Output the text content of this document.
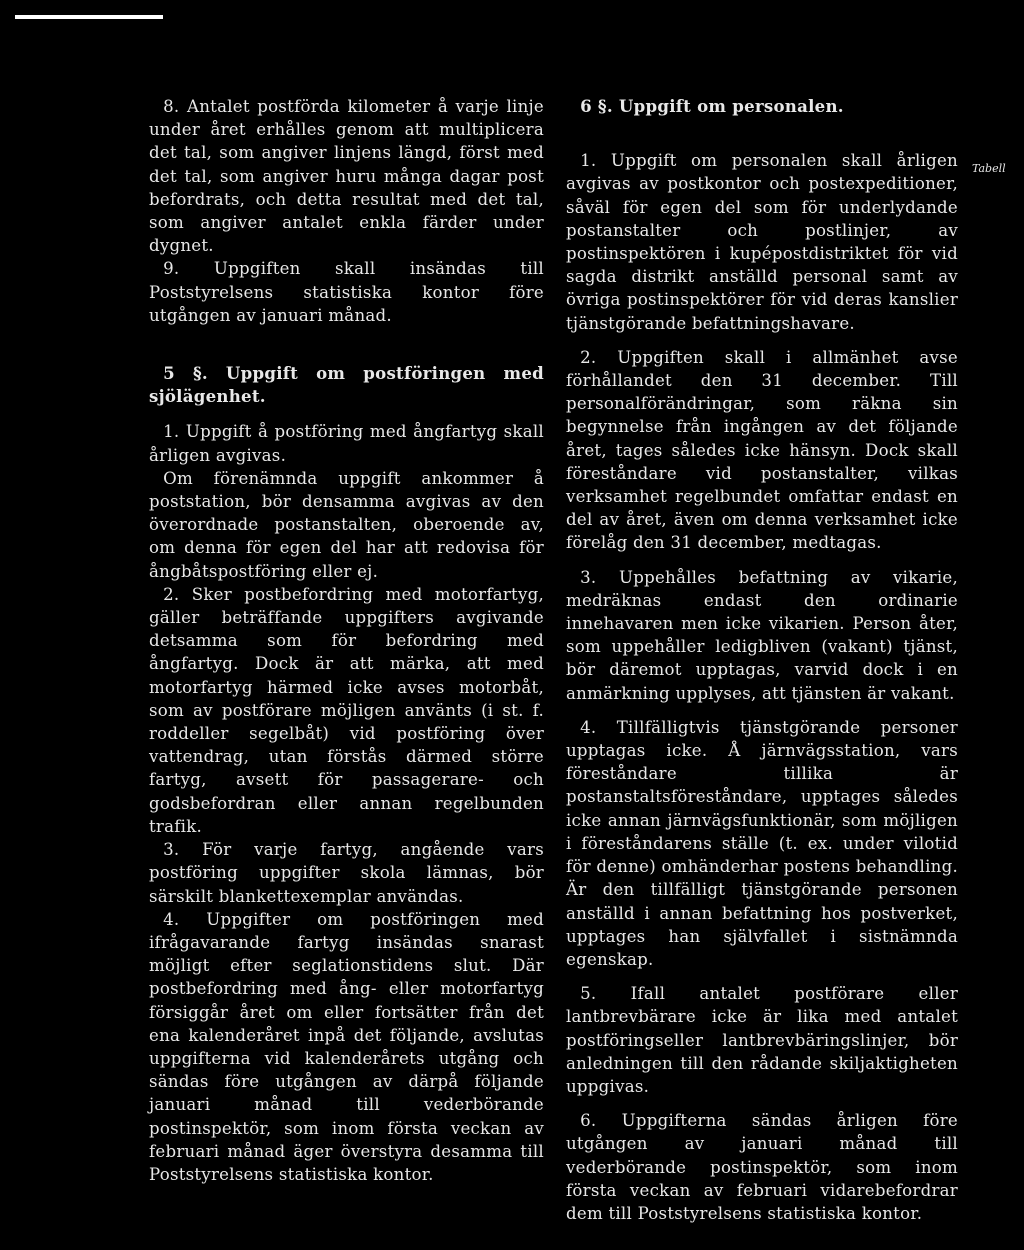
8. Antalet postförda kilometer å varje linje under året erhålles genom att multiplicera det tal, som angiver linjens längd, först med det tal, som angiver huru många dagar post befordrats, och detta resultat med det tal, som angiver antalet enkla färder under dygnet.

9. Uppgiften skall insändas till Poststyrelsens statistiska kontor före utgången av januari månad.

5 §. Uppgift om postföringen med sjölägenhet.

1. Uppgift å postföring med ångfartyg skall årligen avgivas.

Om förenämnda uppgift ankommer å poststation, bör densamma avgivas av den överordnade postanstalten, oberoende av, om denna för egen del har att redovisa för ångbåtspostföring eller ej.

2. Sker postbefordring med motorfartyg, gäller beträffande uppgifters avgivande detsamma som för befordring med ångfartyg. Dock är att märka, att med motorfartyg härmed icke avses motorbåt, som av postförare möjligen använts (i st. f. roddeller segelbåt) vid postföring över vattendrag, utan förstås därmed större fartyg, avsett för passagerare- och godsbefordran eller annan regelbunden trafik.

3. För varje fartyg, angående vars postföring uppgifter skola lämnas, bör särskilt blankettexemplar användas.

4. Uppgifter om postföringen med ifrågavarande fartyg insändas snarast möjligt efter seglationstidens slut. Där postbefordring med ång- eller motorfartyg försiggår året om eller fortsätter från det ena kalenderåret inpå det följande, avslutas uppgifterna vid kalenderårets utgång och sändas före utgången av därpå följande januari månad till vederbörande postinspektör, som inom första veckan av februari månad äger överstyra desamma till Poststyrelsens statistiska kontor.

6 §. Uppgift om personalen.

1. Uppgift om personalen skall årligen avgivas av postkontor och postexpeditioner, såväl för egen del som för underlydande postanstalter och postlinjer, av postinspektören i kupépostdistriktet för vid sagda distrikt anställd personal samt av övriga postinspektörer för vid deras kanslier tjänstgörande befattningshavare.

2. Uppgiften skall i allmänhet avse förhållandet den 31 december. Till personalförändringar, som räkna sin begynnelse från ingången av det följande året, tages således icke hänsyn. Dock skall föreståndare vid postanstalter, vilkas verksamhet regelbundet omfattar endast en del av året, även om denna verksamhet icke förelåg den 31 december, medtagas.

3. Uppehålles befattning av vikarie, medräknas endast den ordinarie innehavaren men icke vikarien. Person åter, som uppehåller ledigbliven (vakant) tjänst, bör däremot upptagas, varvid dock i en anmärkning upplyses, att tjänsten är vakant.

4. Tillfälligtvis tjänstgörande personer upptagas icke. Å järnvägsstation, vars föreståndare tillika är postanstaltsföreståndare, upptages således icke annan järnvägsfunktionär, som möjligen i föreståndarens ställe (t. ex. under vilotid för denne) omhänderhar postens behandling. Är den tillfälligt tjänstgörande personen anställd i annan befattning hos postverket, upptages han självfallet i sistnämnda egenskap.

5. Ifall antalet postförare eller lantbrevbärare icke är lika med antalet postföringseller lantbrevbäringslinjer, bör anledningen till den rådande skiljaktigheten uppgivas.

6. Uppgifterna sändas årligen före utgången av januari månad till vederbörande postinspektör, som inom första veckan av februari vidarebefordrar dem till Poststyrelsens statistiska kontor.

Tabell
